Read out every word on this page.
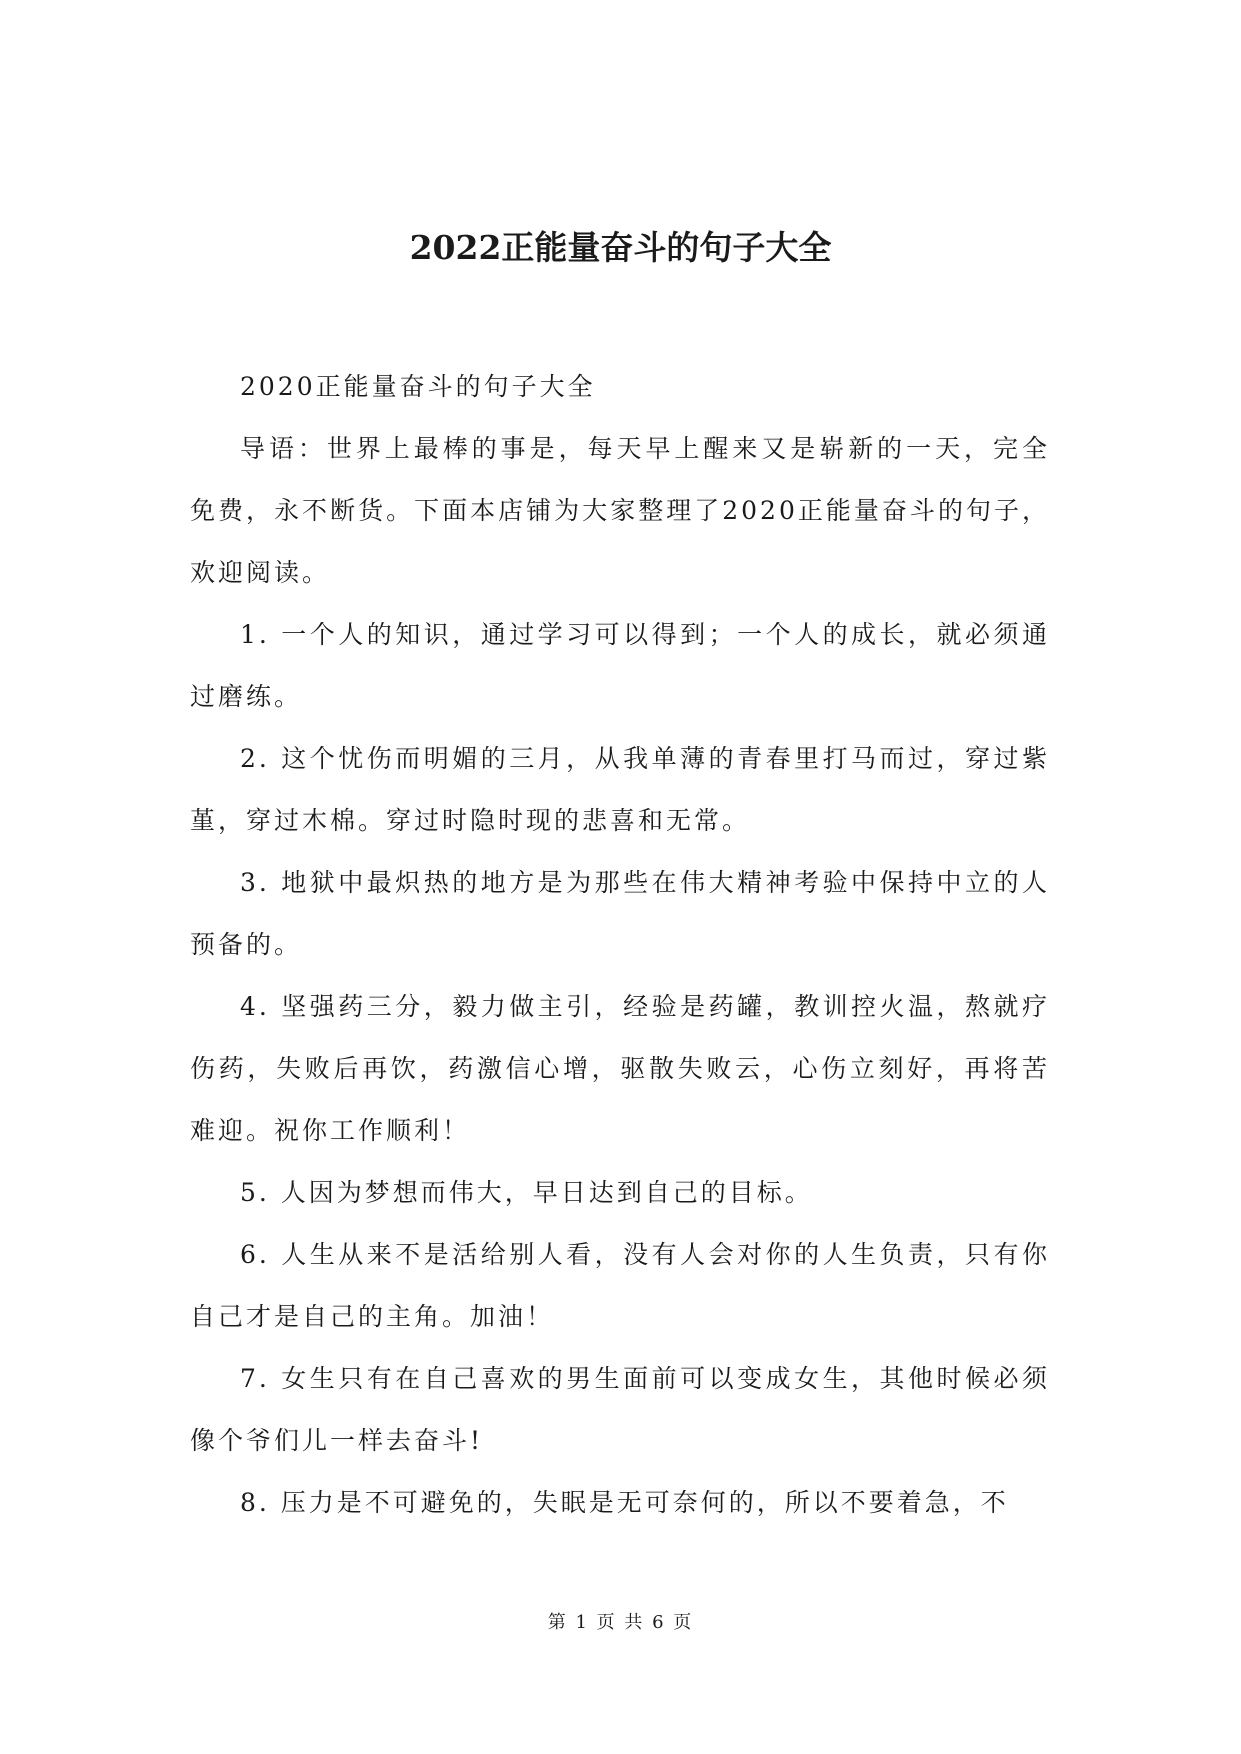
2022正能量奋斗的句子大全

2020正能量奋斗的句子大全

导语：世界上最棒的事是，每天早上醒来又是崭新的一天，完全免费，永不断货。下面本店铺为大家整理了2020正能量奋斗的句子，欢迎阅读。

1. 一个人的知识，通过学习可以得到；一个人的成长，就必须通过磨练。

2. 这个忧伤而明媚的三月，从我单薄的青春里打马而过，穿过紫堇，穿过木棉。穿过时隐时现的悲喜和无常。

3. 地狱中最炽热的地方是为那些在伟大精神考验中保持中立的人预备的。

4. 坚强药三分，毅力做主引，经验是药罐，教训控火温，熬就疗伤药，失败后再饮，药激信心增，驱散失败云，心伤立刻好，再将苦难迎。祝你工作顺利！

5. 人因为梦想而伟大，早日达到自己的目标。

6. 人生从来不是活给别人看，没有人会对你的人生负责，只有你自己才是自己的主角。加油！

7. 女生只有在自己喜欢的男生面前可以变成女生，其他时候必须像个爷们儿一样去奋斗!

8. 压力是不可避免的，失眠是无可奈何的，所以不要着急，不

第 1 页 共 6 页
